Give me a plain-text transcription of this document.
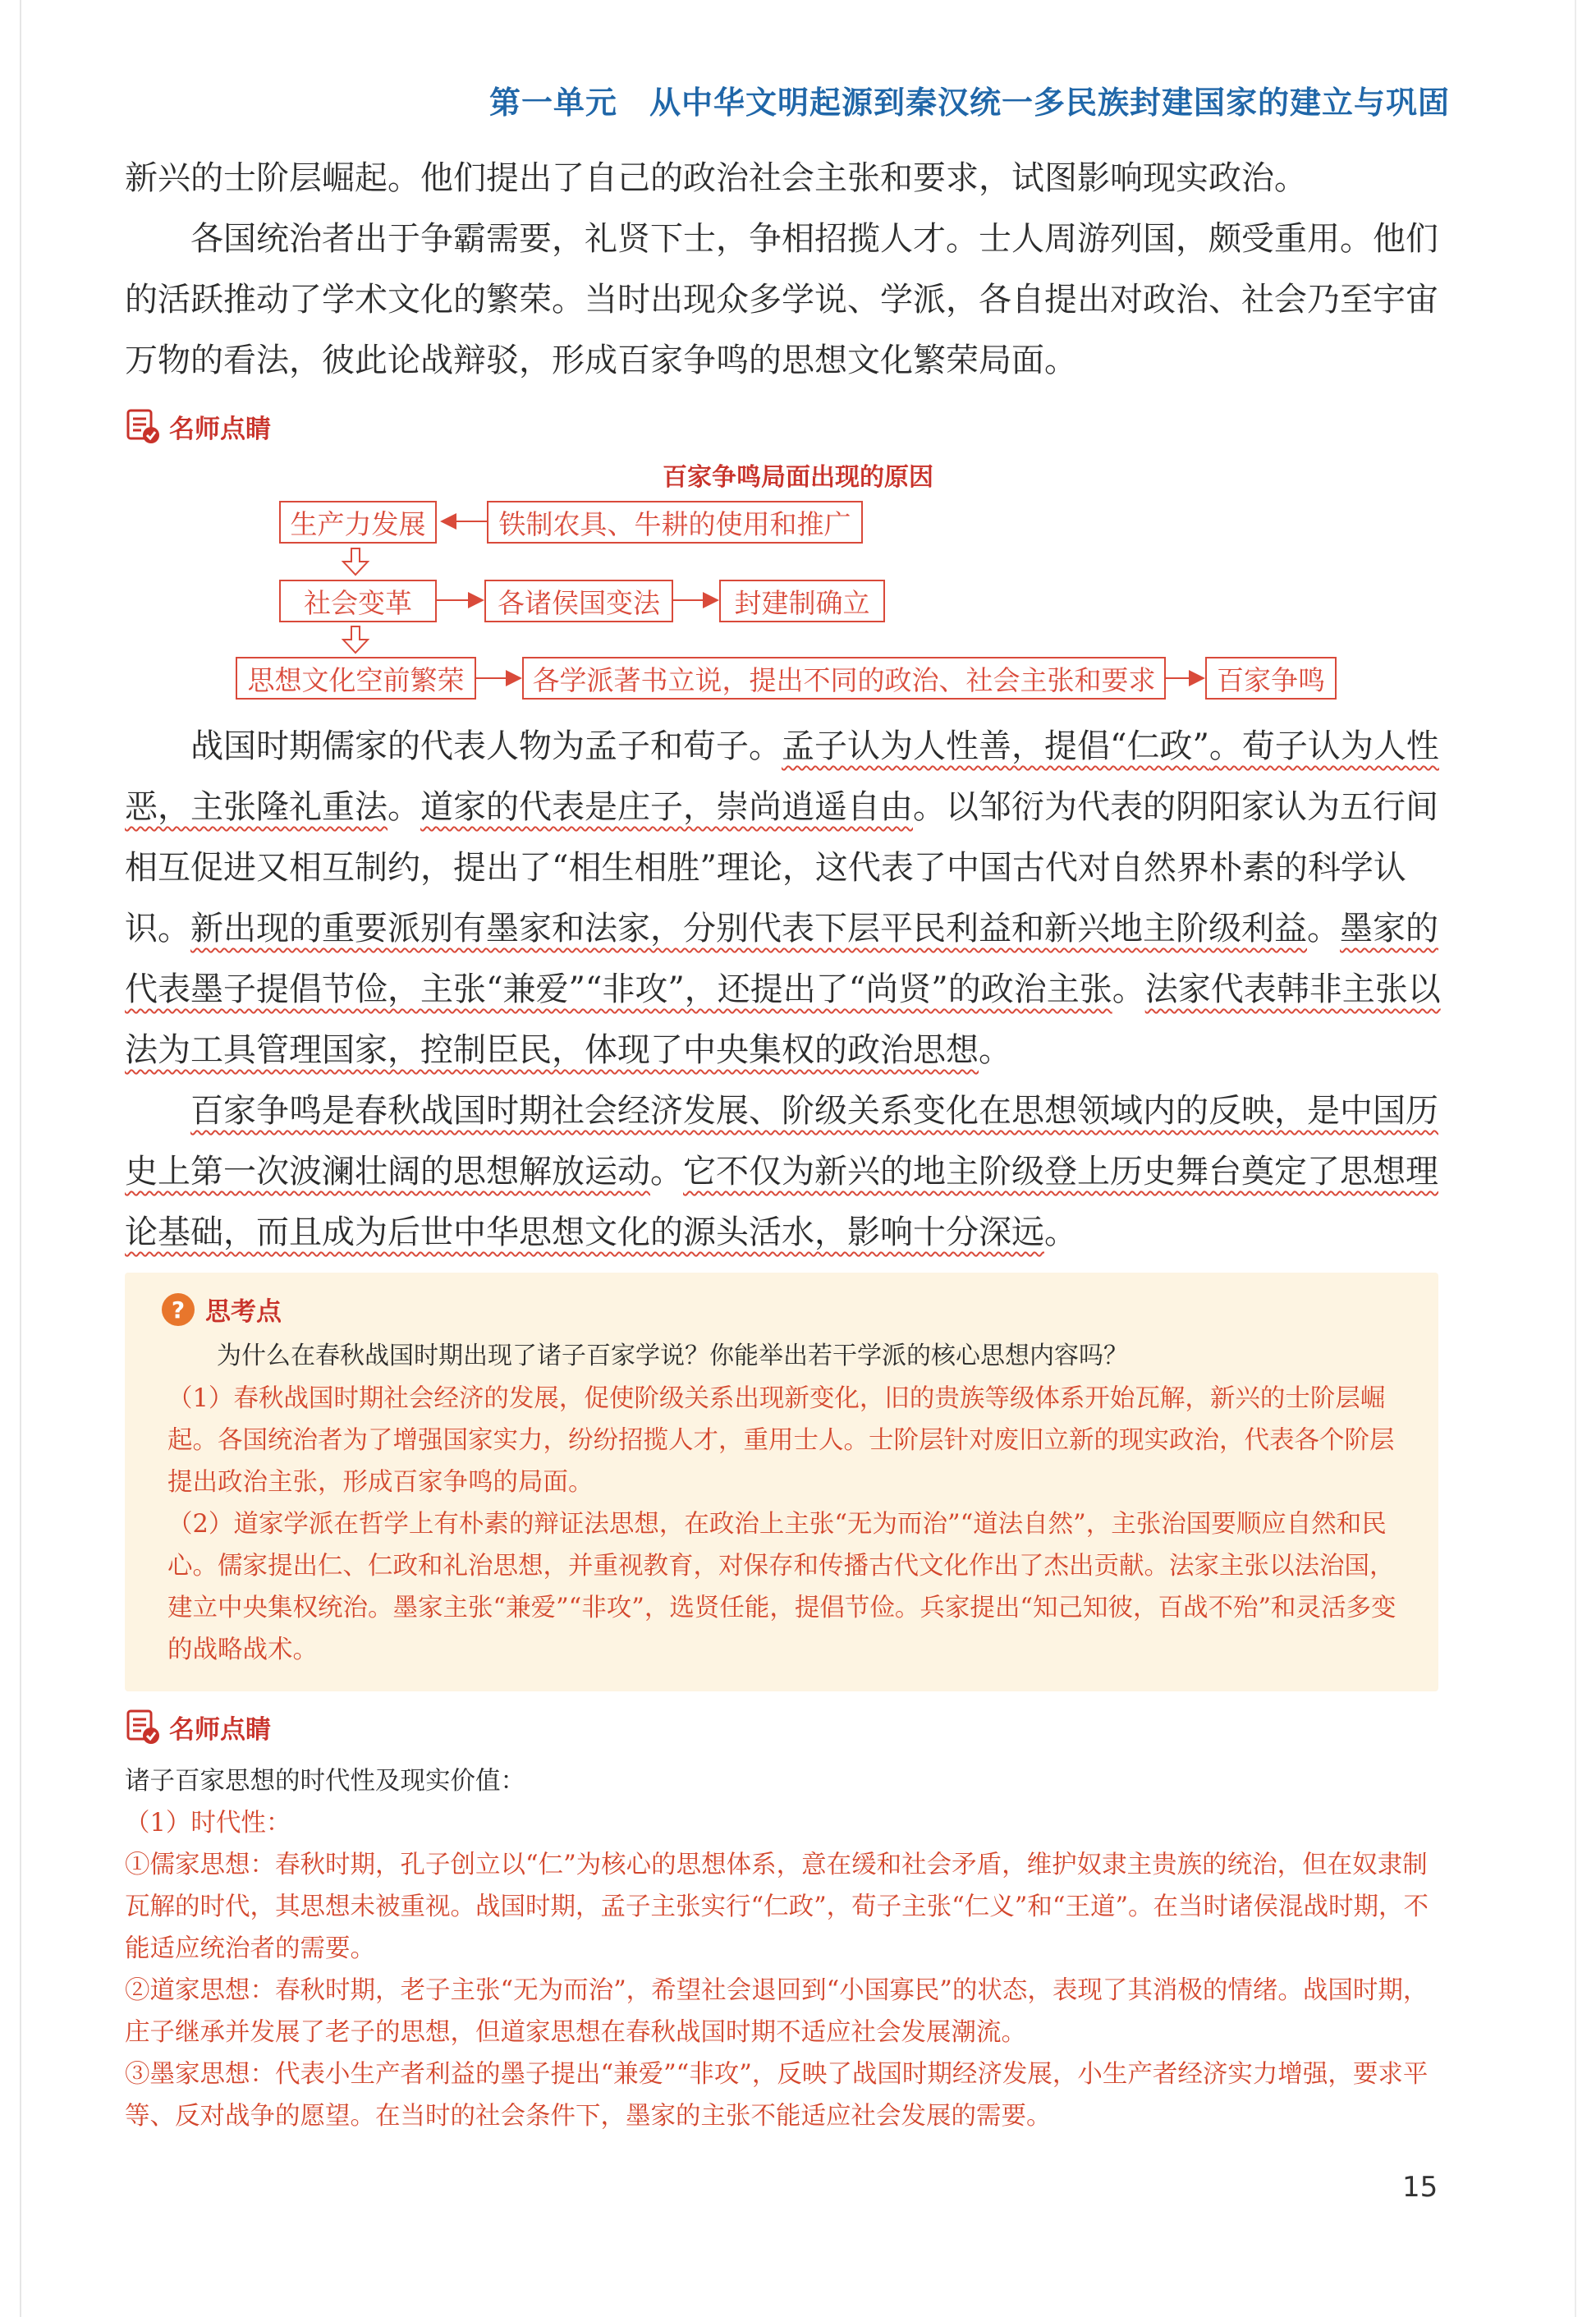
第一单元　从中华文明起源到秦汉统一多民族封建国家的建立与巩固

新兴的士阶层崛起。他们提出了自己的政治社会主张和要求，试图影响现实政治。

各国统治者出于争霸需要，礼贤下士，争相招揽人才。士人周游列国，颇受重用。他们的活跃推动了学术文化的繁荣。当时出现众多学说、学派，各自提出对政治、社会乃至宇宙万物的看法，彼此论战辩驳，形成百家争鸣的思想文化繁荣局面。

名师点睛
百家争鸣局面出现的原因
生产力发展	铁制农具、牛耕的使用和推广
社会变革	各诸侯国变法	封建制确立
思想文化空前繁荣	各学派著书立说，提出不同的政治、社会主张和要求	百家争鸣

战国时期儒家的代表人物为孟子和荀子。孟子认为人性善，提倡“仁政”。荀子认为人性恶，主张隆礼重法。道家的代表是庄子，崇尚逍遥自由。以邹衍为代表的阴阳家认为五行间相互促进又相互制约，提出了“相生相胜”理论，这代表了中国古代对自然界朴素的科学认识。新出现的重要派别有墨家和法家，分别代表下层平民利益和新兴地主阶级利益。墨家的代表墨子提倡节俭，主张“兼爱”“非攻”，还提出了“尚贤”的政治主张。法家代表韩非主张以法为工具管理国家，控制臣民，体现了中央集权的政治思想。

百家争鸣是春秋战国时期社会经济发展、阶级关系变化在思想领域内的反映，是中国历史上第一次波澜壮阔的思想解放运动。它不仅为新兴的地主阶级登上历史舞台奠定了思想理论基础，而且成为后世中华思想文化的源头活水，影响十分深远。

? 思考点
为什么在春秋战国时期出现了诸子百家学说？你能举出若干学派的核心思想内容吗？

（1）春秋战国时期社会经济的发展，促使阶级关系出现新变化，旧的贵族等级体系开始瓦解，新兴的士阶层崛起。各国统治者为了增强国家实力，纷纷招揽人才，重用士人。士阶层针对废旧立新的现实政治，代表各个阶层提出政治主张，形成百家争鸣的局面。

（2）道家学派在哲学上有朴素的辩证法思想，在政治上主张“无为而治”“道法自然”，主张治国要顺应自然和民心。儒家提出仁、仁政和礼治思想，并重视教育，对保存和传播古代文化作出了杰出贡献。法家主张以法治国，建立中央集权统治。墨家主张“兼爱”“非攻”，选贤任能，提倡节俭。兵家提出“知己知彼，百战不殆”和灵活多变的战略战术。

名师点睛

诸子百家思想的时代性及现实价值：

（1）时代性：

①儒家思想：春秋时期，孔子创立以“仁”为核心的思想体系，意在缓和社会矛盾，维护奴隶主贵族的统治，但在奴隶制瓦解的时代，其思想未被重视。战国时期，孟子主张实行“仁政”，荀子主张“仁义”和“王道”。在当时诸侯混战时期，不能适应统治者的需要。

②道家思想：春秋时期，老子主张“无为而治”，希望社会退回到“小国寡民”的状态，表现了其消极的情绪。战国时期，庄子继承并发展了老子的思想，但道家思想在春秋战国时期不适应社会发展潮流。

③墨家思想：代表小生产者利益的墨子提出“兼爱”“非攻”，反映了战国时期经济发展，小生产者经济实力增强，要求平等、反对战争的愿望。在当时的社会条件下，墨家的主张不能适应社会发展的需要。

15
